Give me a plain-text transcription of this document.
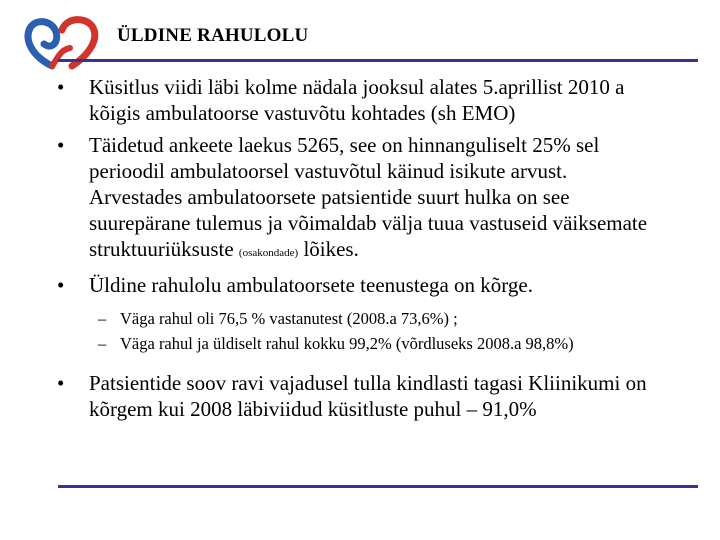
ÜLDINE RAHULOLU
• Küsitlus viidi läbi kolme nädala jooksul alates 5.aprillist 2010 a kõigis ambulatoorse vastuvõtu kohtades (sh EMO)
• Täidetud ankeete laekus 5265, see on hinnanguliselt 25% sel perioodil ambulatoorsel vastuvõtul käinud isikute arvust. Arvestades ambulatoorsete patsientide suurt hulka on see suurepärane tulemus ja võimaldab välja tuua vastuseid väiksemate struktuuriüksuste (osakondade) lõikes.
• Üldine rahulolu ambulatoorsete teenustega on kõrge.
– Väga rahul oli 76,5 % vastanutest (2008.a 73,6%) ;
– Väga rahul ja üldiselt rahul kokku 99,2% (võrdluseks 2008.a 98,8%)
• Patsientide soov ravi vajadusel tulla kindlasti tagasi Kliinikumi on kõrgem kui 2008 läbiviidud küsitluste puhul – 91,0%
